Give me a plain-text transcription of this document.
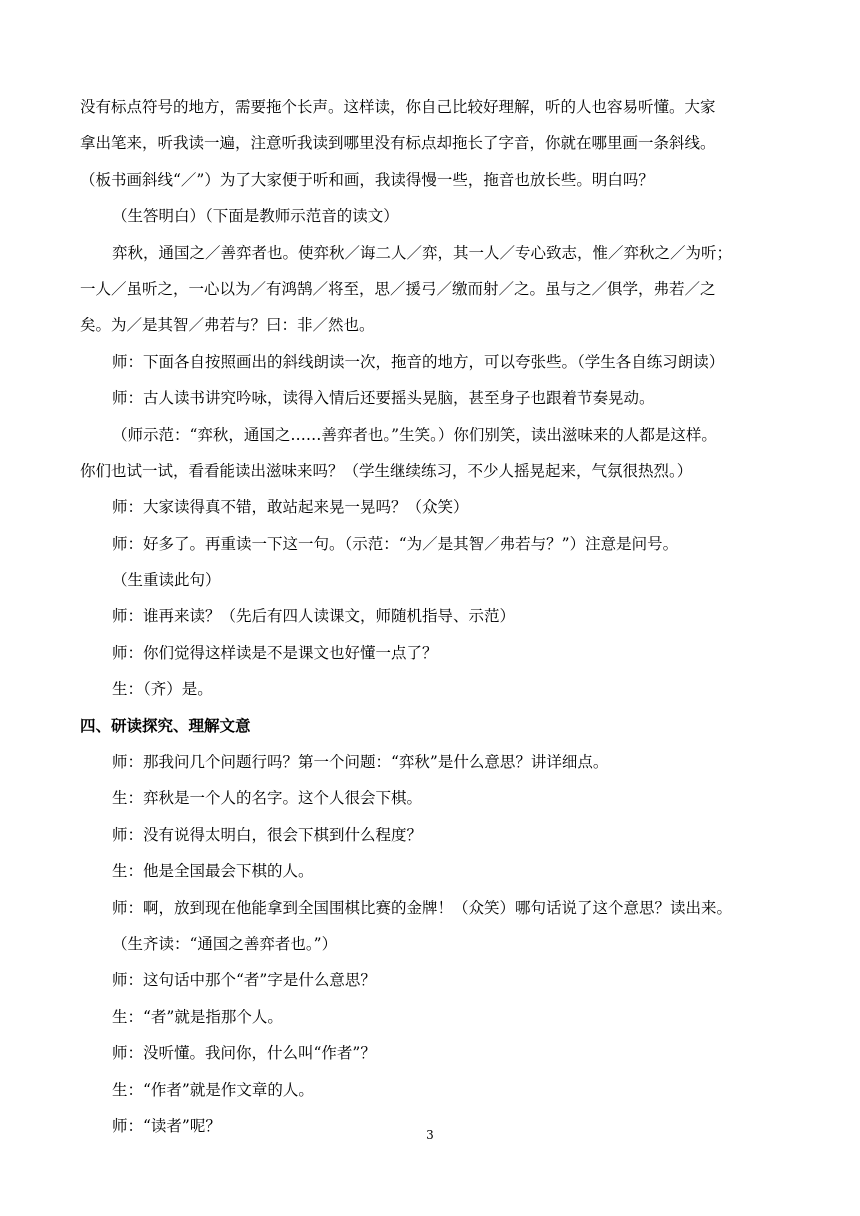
没有标点符号的地方，需要拖个长声。这样读，你自己比较好理解，听的人也容易听懂。大家
拿出笔来，听我读一遍，注意听我读到哪里没有标点却拖长了字音，你就在哪里画一条斜线。
（板书画斜线“／”）为了大家便于听和画，我读得慢一些，拖音也放长些。明白吗？
（生答明白）（下面是教师示范音的读文）
弈秋，通国之／善弈者也。使弈秋／诲二人／弈，其一人／专心致志，惟／弈秋之／为听；
一人／虽听之，一心以为／有鸿鹄／将至，思／援弓／缴而射／之。虽与之／俱学，弗若／之
矣。为／是其智／弗若与？曰：非／然也。
师：下面各自按照画出的斜线朗读一次，拖音的地方，可以夸张些。（学生各自练习朗读）
师：古人读书讲究吟咏，读得入情后还要摇头晃脑，甚至身子也跟着节奏晃动。
（师示范：“弈秋，通国之……善弈者也。”生笑。）你们别笑，读出滋味来的人都是这样。
你们也试一试，看看能读出滋味来吗？（学生继续练习，不少人摇晃起来，气氛很热烈。）
师：大家读得真不错，敢站起来晃一晃吗？（众笑）
师：好多了。再重读一下这一句。（示范：“为／是其智／弗若与？”）注意是问号。
（生重读此句）
师：谁再来读？（先后有四人读课文，师随机指导、示范）
师：你们觉得这样读是不是课文也好懂一点了？
生：（齐）是。
四、研读探究、理解文意
师：那我问几个问题行吗？第一个问题：“弈秋”是什么意思？讲详细点。
生：弈秋是一个人的名字。这个人很会下棋。
师：没有说得太明白，很会下棋到什么程度？
生：他是全国最会下棋的人。
师：啊，放到现在他能拿到全国围棋比赛的金牌！（众笑）哪句话说了这个意思？读出来。
（生齐读：“通国之善弈者也。”）
师：这句话中那个“者”字是什么意思？
生：“者”就是指那个人。
师：没听懂。我问你，什么叫“作者”？
生：“作者”就是作文章的人。
师：“读者”呢？
3
